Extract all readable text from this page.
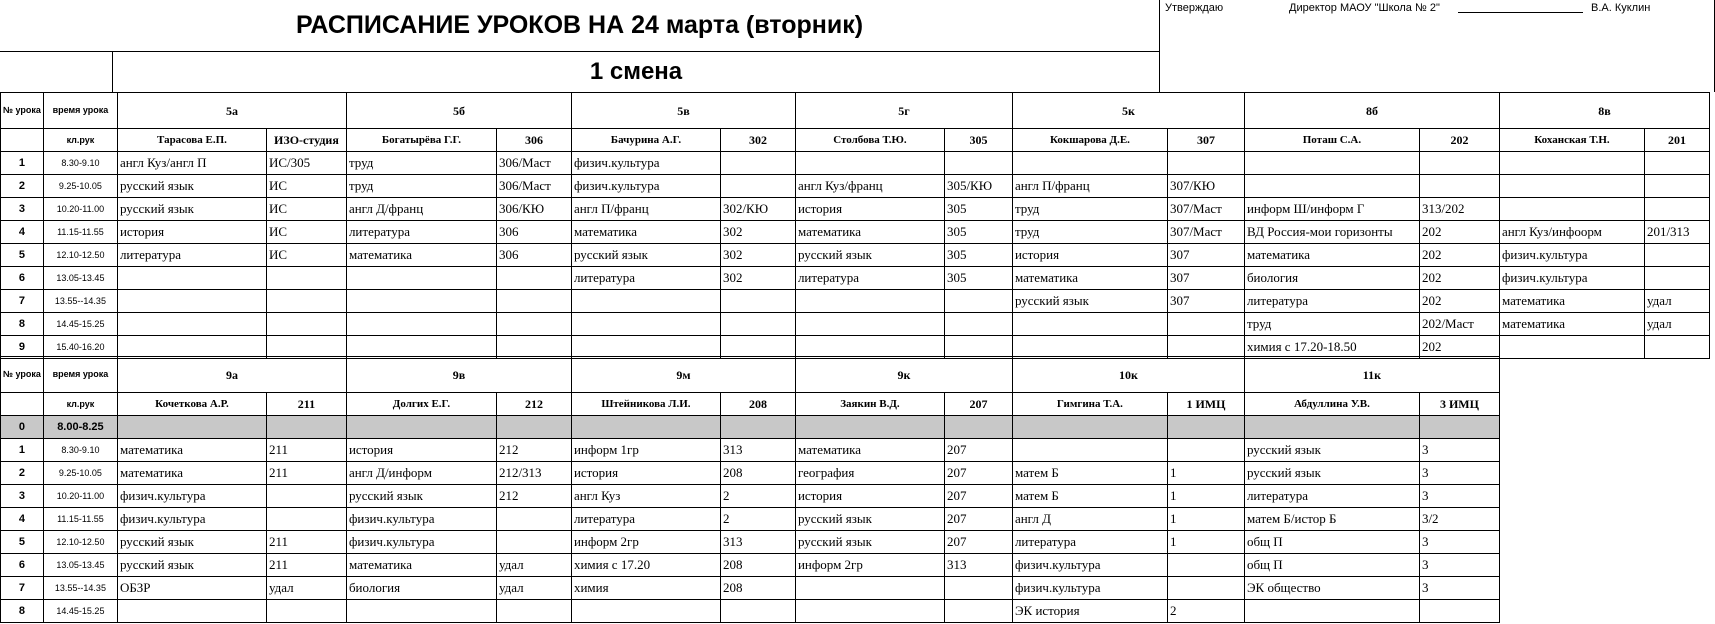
РАСПИСАНИЕ УРОКОВ НА 24 марта (вторник)
Утверждаю	Директор МАОУ "Школа № 2"	В.А. Куклин
1 смена
№ урока	время урока	5а		5б		5в		5г		5к		8б		8в	
	кл.рук	Тарасова Е.П.	ИЗО-студия	Богатырёва Г.Г.	306	Бачурина А.Г.	302	Столбова Т.Ю.	305	Кокшарова Д.Е.	307	Поташ С.А.	202	Коханская Т.Н.	201
1	8.30-9.10	англ Куз/англ П	ИС/305	труд	306/Маст	физич.культура									
2	9.25-10.05	русский язык	ИС	труд	306/Маст	физич.культура		англ Куз/франц	305/КЮ	англ П/франц	307/КЮ				
3	10.20-11.00	русский язык	ИС	англ Д/франц	306/КЮ	англ П/франц	302/КЮ	история	305	труд	307/Маст	информ Ш/информ Г	313/202		
4	11.15-11.55	история	ИС	литература	306	математика	302	математика	305	труд	307/Маст	ВД Россия-мои горизонты	202	англ Куз/инфоорм	201/313
5	12.10-12.50	литература	ИС	математика	306	русский язык	302	русский язык	305	история	307	математика	202	физич.культура	
6	13.05-13.45					литература	302	литература	305	математика	307	биология	202	физич.культура	
7	13.55--14.35									русский язык	307	литература	202	математика	удал
8	14.45-15.25											труд	202/Маст	математика	удал
9	15.40-16.20											химия с 17.20-18.50	202		
№ урока	время урока	9а		9в		9м		9к		10к		11к	
	кл.рук	Кочеткова А.Р.	211	Долгих Е.Г.	212	Штейникова Л.И.	208	Заякин В.Д.	207	Гимгина Т.А.	1 ИМЦ	Абдуллина У.В.	3 ИМЦ
0	8.00-8.25												
1	8.30-9.10	математика	211	история	212	информ 1гр	313	математика	207			русский язык	3
2	9.25-10.05	математика	211	англ Д/информ	212/313	история	208	география	207	матем Б	1	русский язык	3
3	10.20-11.00	физич.культура		русский язык	212	англ Куз	2	история	207	матем Б	1	литература	3
4	11.15-11.55	физич.культура		физич.культура		литература	2	русский язык	207	англ Д	1	матем Б/истор Б	3/2
5	12.10-12.50	русский язык	211	физич.культура		информ 2гр	313	русский язык	207	литература	1	общ П	3
6	13.05-13.45	русский язык	211	математика	удал	химия с 17.20	208	информ 2гр	313	физич.культура		общ П	3
7	13.55--14.35	ОБЗР	удал	биология	удал	химия	208			физич.культура		ЭК общество	3
8	14.45-15.25									ЭК история	2		
